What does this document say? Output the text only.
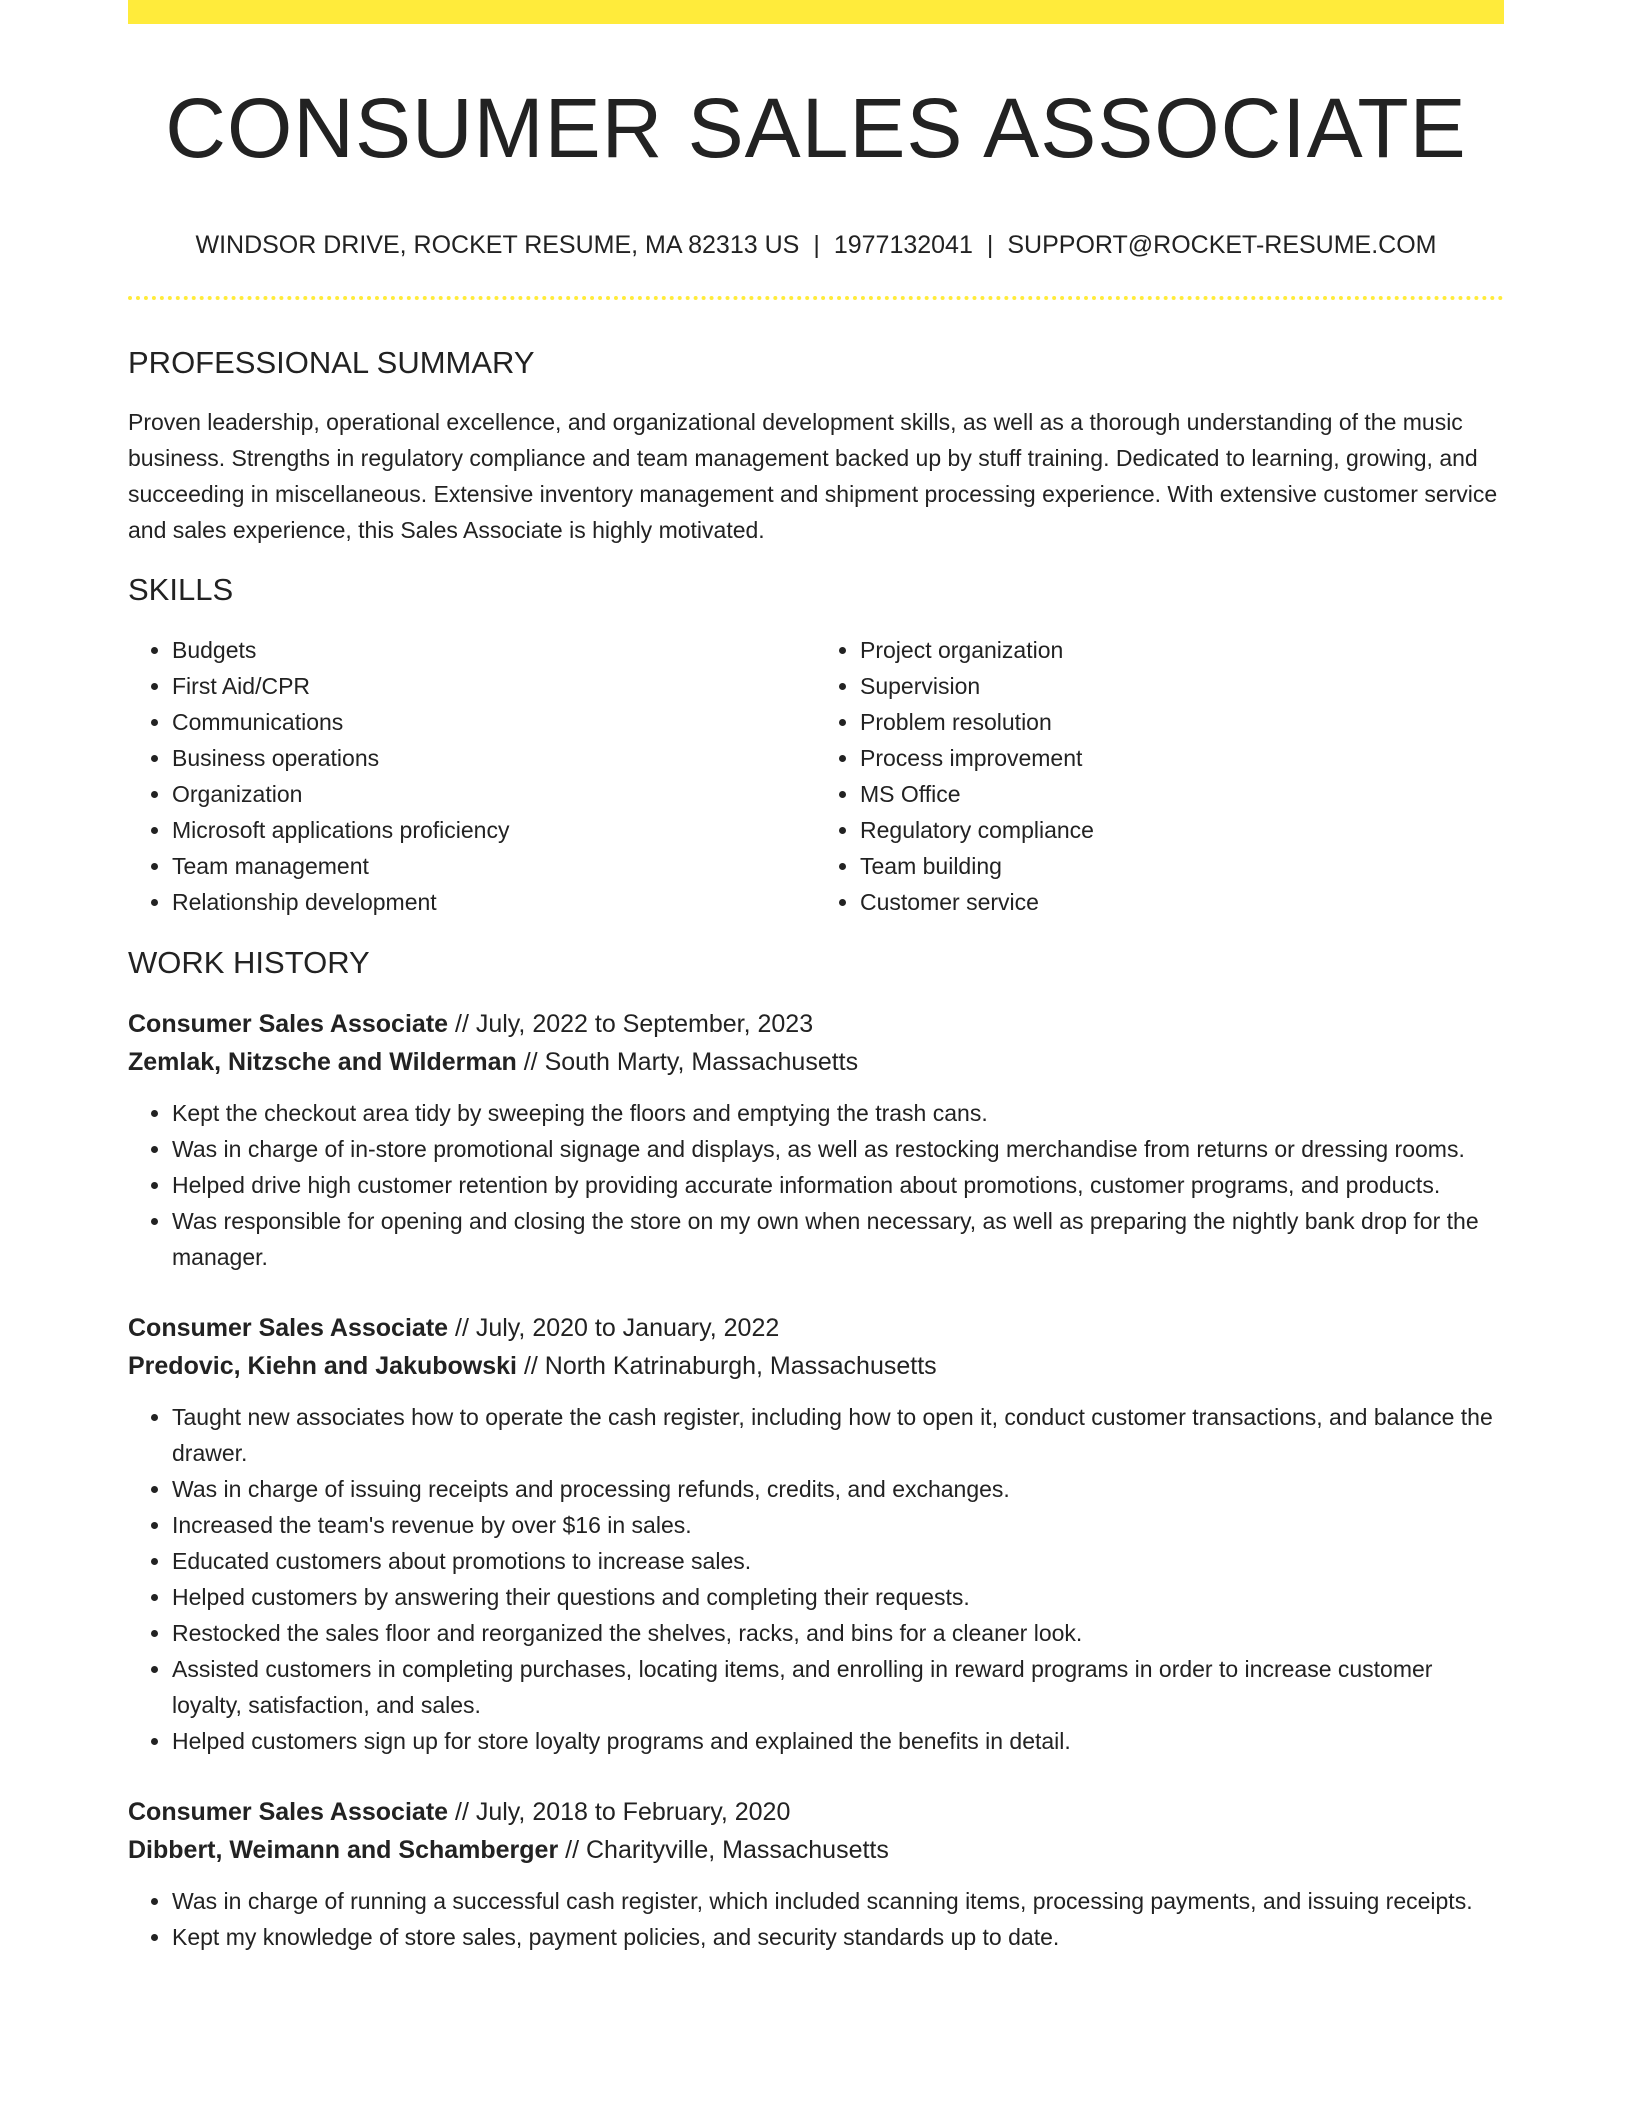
CONSUMER SALES ASSOCIATE
WINDSOR DRIVE, ROCKET RESUME, MA 82313 US | 1977132041 | SUPPORT@ROCKET-RESUME.COM
PROFESSIONAL SUMMARY

Proven leadership, operational excellence, and organizational development skills, as well as a thorough understanding of the music business. Strengths in regulatory compliance and team management backed up by stuff training. Dedicated to learning, growing, and succeeding in miscellaneous. Extensive inventory management and shipment processing experience. With extensive customer service and sales experience, this Sales Associate is highly motivated.

SKILLS
• Budgets
• First Aid/CPR
• Communications
• Business operations
• Organization
• Microsoft applications proficiency
• Team management
• Relationship development
• Project organization
• Supervision
• Problem resolution
• Process improvement
• MS Office
• Regulatory compliance
• Team building
• Customer service
WORK HISTORY
Consumer Sales Associate // July, 2022 to September, 2023
Zemlak, Nitzsche and Wilderman // South Marty, Massachusetts
• Kept the checkout area tidy by sweeping the floors and emptying the trash cans.
• Was in charge of in-store promotional signage and displays, as well as restocking merchandise from returns or dressing rooms.
• Helped drive high customer retention by providing accurate information about promotions, customer programs, and products.
• Was responsible for opening and closing the store on my own when necessary, as well as preparing the nightly bank drop for the manager.
Consumer Sales Associate // July, 2020 to January, 2022
Predovic, Kiehn and Jakubowski // North Katrinaburgh, Massachusetts
• Taught new associates how to operate the cash register, including how to open it, conduct customer transactions, and balance the drawer.
• Was in charge of issuing receipts and processing refunds, credits, and exchanges.
• Increased the team's revenue by over $16 in sales.
• Educated customers about promotions to increase sales.
• Helped customers by answering their questions and completing their requests.
• Restocked the sales floor and reorganized the shelves, racks, and bins for a cleaner look.
• Assisted customers in completing purchases, locating items, and enrolling in reward programs in order to increase customer loyalty, satisfaction, and sales.
• Helped customers sign up for store loyalty programs and explained the benefits in detail.
Consumer Sales Associate // July, 2018 to February, 2020
Dibbert, Weimann and Schamberger // Charityville, Massachusetts
• Was in charge of running a successful cash register, which included scanning items, processing payments, and issuing receipts.
• Kept my knowledge of store sales, payment policies, and security standards up to date.
